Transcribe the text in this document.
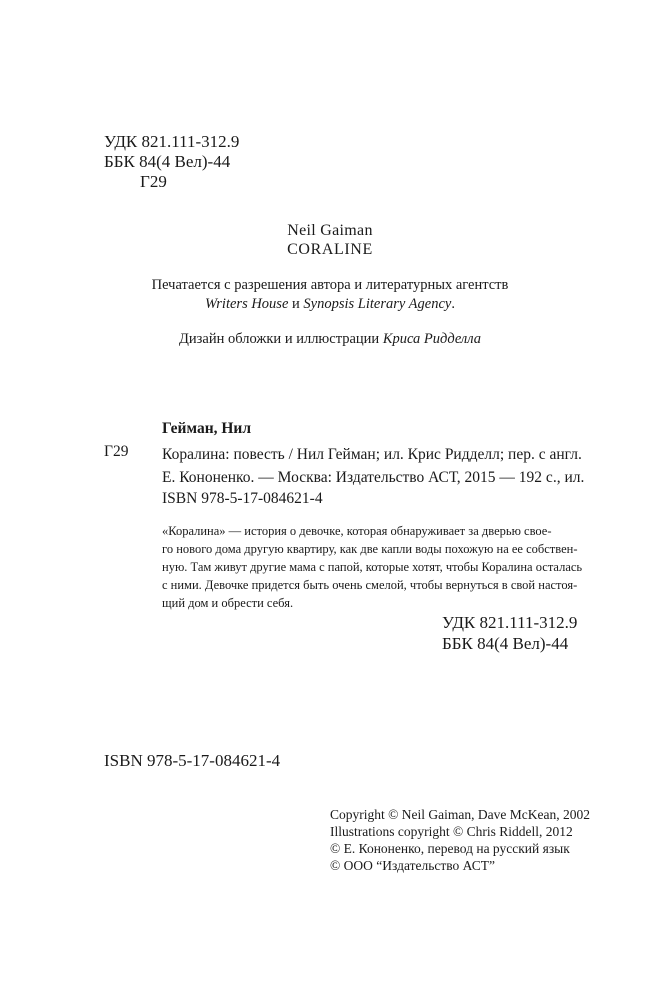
УДК 821.111-312.9
ББК 84(4 Вел)-44
Г29
Neil Gaiman
CORALINE
Печатается с разрешения автора и литературных агентств
Writers House и Synopsis Literary Agency.
Дизайн обложки и иллюстрации Криса Ридделла
Гейман, Нил
Г29 Коралина: повесть / Нил Гейман; ил. Крис Ридделл; пер. с англ.
Е. Кононенко. — Москва: Издательство АСТ, 2015 — 192 с., ил.
ISBN 978-5-17-084621-4
«Коралина» — история о девочке, которая обнаруживает за дверью свое-
го нового дома другую квартиру, как две капли воды похожую на ее собствен-
ную. Там живут другие мама с папой, которые хотят, чтобы Коралина осталась
с ними. Девочке придется быть очень смелой, чтобы вернуться в свой настоя-
щий дом и обрести себя.
УДК 821.111-312.9
ББК 84(4 Вел)-44
ISBN 978-5-17-084621-4
Copyright © Neil Gaiman, Dave McKean, 2002
Illustrations copyright © Chris Riddell, 2012
© Е. Кононенко, перевод на русский язык
© ООО “Издательство АСТ”
